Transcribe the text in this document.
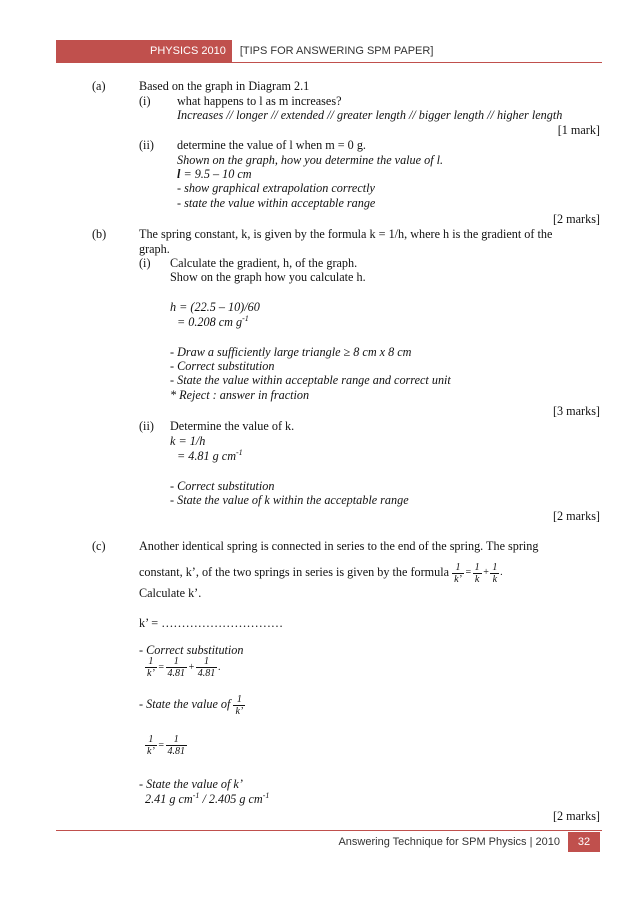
PHYSICS 2010	[TIPS FOR ANSWERING SPM PAPER]
(a)	Based on the graph in Diagram 2.1
(i) what happens to l as m increases?
Increases // longer // extended // greater length // bigger length // higher length
[1 mark]
(ii) determine the value of l when m = 0 g.
Shown on the graph, how you determine the value of l.
l = 9.5 – 10 cm
- show graphical extrapolation correctly
- state the value within acceptable range
[2 marks]
(b)	The spring constant, k, is given by the formula k = 1/h, where h is the gradient of the
graph.
(i) Calculate the gradient, h, of the graph.
Show on the graph how you calculate h.
h = (22.5 – 10)/60
= 0.208 cm $g^{-1}$
- Draw a sufficiently large triangle ≥ 8 cm x 8 cm
- Correct substitution
- State the value within acceptable range and correct unit
* Reject : answer in fraction
[3 marks]
(ii) Determine the value of k.
k = 1/h
= 4.81 g $cm^{-1}$
- Correct substitution
- State the value of k within the acceptable range
[2 marks]
(c)	Another identical spring is connected in series to the end of the spring. The spring
constant, k’, of the two springs in series is given by the formula $\frac{1}{k’} = \frac{1}{k} + \frac{1}{k}$ .
Calculate k’.
k’ = …………………………
- Correct substitution
$\frac{1}{k’} = \frac{1}{4.81} + \frac{1}{4.81}$ .
- State the value of $\frac{1}{k’}$
$\frac{1}{k’} = \frac{1}{4.81}$
- State the value of k’
2.41 g $cm^{-1} / 2.405$ g $cm^{-1}$
[2 marks]
Answering Technique for SPM Physics | 2010	32
